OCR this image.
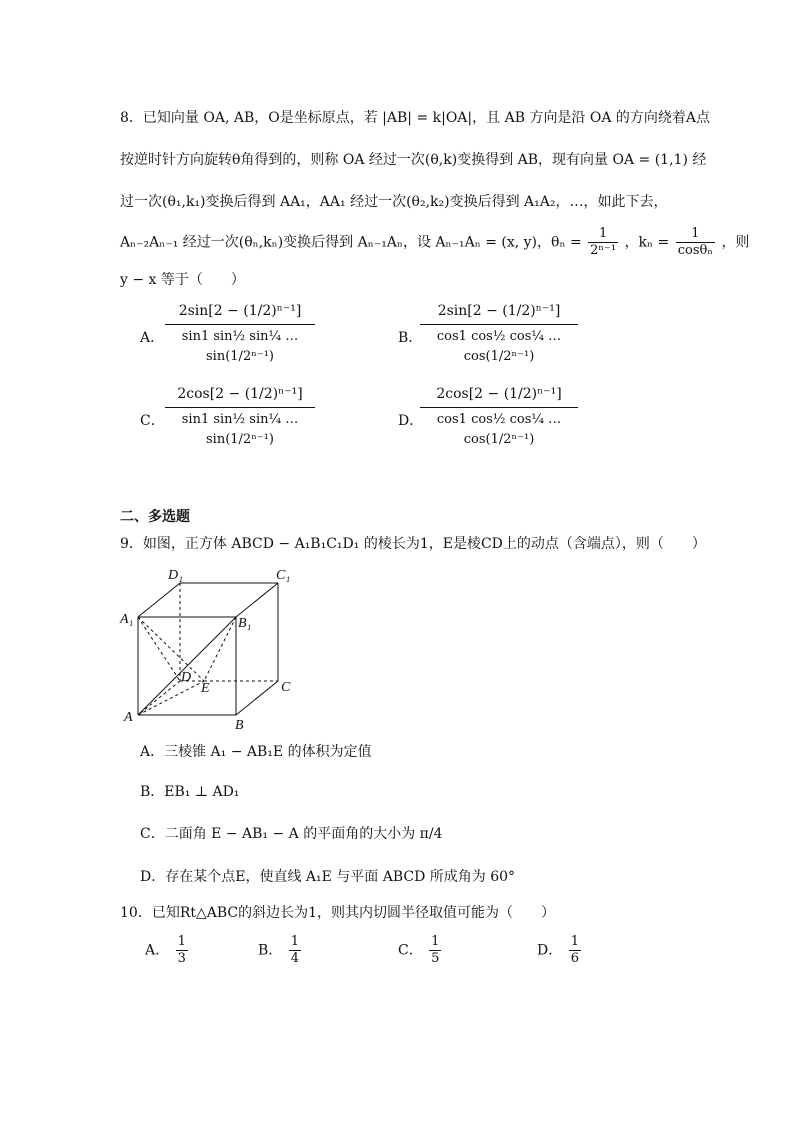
8．已知向量 OA, AB，O是坐标原点，若 |AB| = k|OA|，且 AB 方向是沿 OA 的方向绕着A点
按逆时针方向旋转θ角得到的，则称 OA 经过一次(θ,k)变换得到 AB，现有向量 OA = (1,1) 经
过一次(θ₁,k₁)变换后得到 AA₁，AA₁ 经过一次(θ₂,k₂)变换后得到 A₁A₂，…，如此下去，
Aₙ₋₂Aₙ₋₁ 经过一次(θₙ,kₙ)变换后得到 Aₙ₋₁Aₙ，设 Aₙ₋₁Aₙ = (x, y)，$\theta_n = \frac{1}{\text{2ⁿ⁻¹}}$ ，$k_n = \frac{1}{\text{cosθₙ}}$ ，则
y − x 等于（　　）
A． $\frac{\text{2sin[2 − (1/2)ⁿ⁻¹]}}{\text{sin1 sin½ sin¼ … sin(1/2ⁿ⁻¹)}}$	B．
$\frac{\text{2sin[2 − (1/2)ⁿ⁻¹]}}{\text{cos1 cos½ cos¼ … cos(1/2ⁿ⁻¹)}}$
C． $\frac{\text{2cos[2 − (1/2)ⁿ⁻¹]}}{\text{sin1 sin½ sin¼ … sin(1/2ⁿ⁻¹)}}$	D．
$\frac{\text{2cos[2 − (1/2)ⁿ⁻¹]}}{\text{cos1 cos½ cos¼ … cos(1/2ⁿ⁻¹)}}$
二、多选题
9．如图，正方体 ABCD − A₁B₁C₁D₁ 的棱长为1，E是棱CD上的动点（含端点），则（　　）
D₁	C₁
A₁	B₁
D
E	C
A
B
A．三棱锥 A₁ − AB₁E 的体积为定值
B．EB₁ ⊥ AD₁
C．二面角 E − AB₁ − A 的平面角的大小为 π/4
D．存在某个点E，使直线 A₁E 与平面 ABCD 所成角为 60°
10．已知Rt△ABC的斜边长为1，则其内切圆半径取值可能为（　　）
A． $\frac{1}{3}$	B． $\frac{1}{4}$	C． $\frac{1}{5}$	D． $\frac{1}{6}$
